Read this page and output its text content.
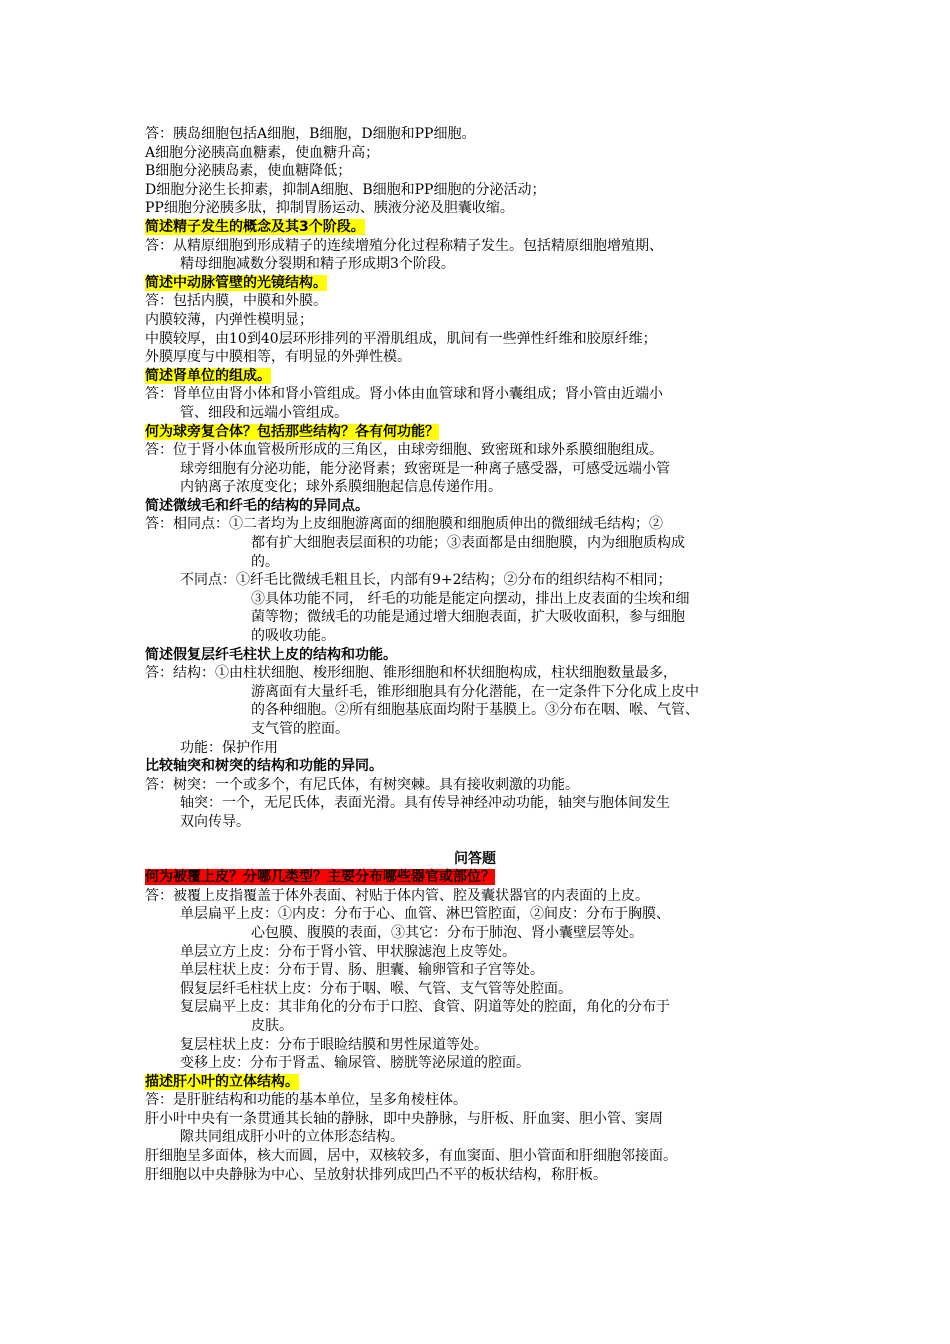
答：胰岛细胞包括A细胞，B细胞，D细胞和PP细胞。
A细胞分泌胰高血糖素，使血糖升高；
B细胞分泌胰岛素，使血糖降低；
D细胞分泌生长抑素，抑制A细胞、B细胞和PP细胞的分泌活动；
PP细胞分泌胰多肽，抑制胃肠运动、胰液分泌及胆囊收缩。
简述精子发生的概念及其3个阶段。
答：从精原细胞到形成精子的连续增殖分化过程称精子发生。包括精原细胞增殖期、
精母细胞减数分裂期和精子形成期3个阶段。
简述中动脉管壁的光镜结构。
答：包括内膜，中膜和外膜。
内膜较薄，内弹性模明显；
中膜较厚，由10到40层环形排列的平滑肌组成，肌间有一些弹性纤维和胶原纤维；
外膜厚度与中膜相等，有明显的外弹性模。
简述肾单位的组成。
答：肾单位由肾小体和肾小管组成。肾小体由血管球和肾小囊组成；肾小管由近端小
管、细段和远端小管组成。
何为球旁复合体？包括那些结构？各有何功能？
答：位于肾小体血管极所形成的三角区，由球旁细胞、致密斑和球外系膜细胞组成。
球旁细胞有分泌功能，能分泌肾素；致密斑是一种离子感受器，可感受远端小管
内钠离子浓度变化；球外系膜细胞起信息传递作用。
简述微绒毛和纤毛的结构的异同点。
答：相同点：①二者均为上皮细胞游离面的细胞膜和细胞质伸出的微细绒毛结构；②
都有扩大细胞表层面积的功能；③表面都是由细胞膜，内为细胞质构成
的。
不同点：①纤毛比微绒毛粗且长，内部有9+2结构；②分布的组织结构不相同；
③具体功能不同， 纤毛的功能是能定向摆动，排出上皮表面的尘埃和细
菌等物；微绒毛的功能是通过增大细胞表面，扩大吸收面积，参与细胞
的吸收功能。
简述假复层纤毛柱状上皮的结构和功能。
答：结构：①由柱状细胞、梭形细胞、锥形细胞和杯状细胞构成，柱状细胞数量最多，
游离面有大量纤毛，锥形细胞具有分化潜能，在一定条件下分化成上皮中
的各种细胞。②所有细胞基底面均附于基膜上。③分布在咽、喉、气管、
支气管的腔面。
功能：保护作用
比较轴突和树突的结构和功能的异同。
答：树突：一个或多个，有尼氏体，有树突棘。具有接收刺激的功能。
轴突：一个，无尼氏体，表面光滑。具有传导神经冲动功能，轴突与胞体间发生
双向传导。
问答题
何为被覆上皮？分哪几类型？主要分布哪些器官或部位？
答：被覆上皮指覆盖于体外表面、衬贴于体内管、腔及囊状器官的内表面的上皮。
单层扁平上皮：①内皮：分布于心、血管、淋巴管腔面，②间皮：分布于胸膜、
心包膜、腹膜的表面，③其它：分布于肺泡、肾小囊壁层等处。
单层立方上皮：分布于肾小管、甲状腺滤泡上皮等处。
单层柱状上皮：分布于胃、肠、胆囊、输卵管和子宫等处。
假复层纤毛柱状上皮：分布于咽、喉、气管、支气管等处腔面。
复层扁平上皮：其非角化的分布于口腔、食管、阴道等处的腔面，角化的分布于
皮肤。
复层柱状上皮：分布于眼睑结膜和男性尿道等处。
变移上皮：分布于肾盂、输尿管、膀胱等泌尿道的腔面。
描述肝小叶的立体结构。
答：是肝脏结构和功能的基本单位，呈多角棱柱体。
肝小叶中央有一条贯通其长轴的静脉，即中央静脉，与肝板、肝血窦、胆小管、窦周
隙共同组成肝小叶的立体形态结构。
肝细胞呈多面体，核大而圆，居中，双核较多，有血窦面、胆小管面和肝细胞邻接面。
肝细胞以中央静脉为中心、呈放射状排列成凹凸不平的板状结构，称肝板。
